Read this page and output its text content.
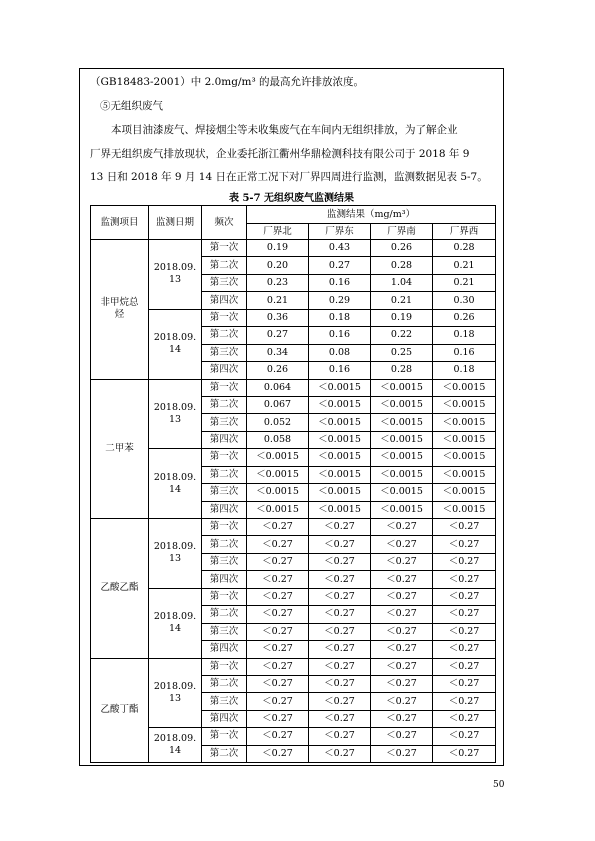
（GB18483-2001）中 2.0mg/m³ 的最高允许排放浓度。
⑤无组织废气
本项目油漆废气、焊接烟尘等未收集废气在车间内无组织排放，为了解企业
厂界无组织废气排放现状，企业委托浙江衢州华鼎检测科技有限公司于 2018 年 9
13 日和 2018 年 9 月 14 日在正常工况下对厂界四周进行监测，监测数据见表 5-7。
表 5-7 无组织废气监测结果
监测项目	监测日期	频次	监测结果（mg/m³）			
			厂界北	厂界东	厂界南	厂界西
非甲烷总烃	2018.09.13	第一次	0.19	0.43	0.26	0.28
		第二次	0.20	0.27	0.28	0.21
		第三次	0.23	0.16	1.04	0.21
		第四次	0.21	0.29	0.21	0.30
	2018.09.14	第一次	0.36	0.18	0.19	0.26
		第二次	0.27	0.16	0.22	0.18
		第三次	0.34	0.08	0.25	0.16
		第四次	0.26	0.16	0.28	0.18
二甲苯	2018.09.13	第一次	0.064	＜0.0015	＜0.0015	＜0.0015
		第二次	0.067	＜0.0015	＜0.0015	＜0.0015
		第三次	0.052	＜0.0015	＜0.0015	＜0.0015
		第四次	0.058	＜0.0015	＜0.0015	＜0.0015
	2018.09.14	第一次	＜0.0015	＜0.0015	＜0.0015	＜0.0015
		第二次	＜0.0015	＜0.0015	＜0.0015	＜0.0015
		第三次	＜0.0015	＜0.0015	＜0.0015	＜0.0015
		第四次	＜0.0015	＜0.0015	＜0.0015	＜0.0015
乙酸乙酯	2018.09.13	第一次	＜0.27	＜0.27	＜0.27	＜0.27
		第二次	＜0.27	＜0.27	＜0.27	＜0.27
		第三次	＜0.27	＜0.27	＜0.27	＜0.27
		第四次	＜0.27	＜0.27	＜0.27	＜0.27
	2018.09.14	第一次	＜0.27	＜0.27	＜0.27	＜0.27
		第二次	＜0.27	＜0.27	＜0.27	＜0.27
		第三次	＜0.27	＜0.27	＜0.27	＜0.27
		第四次	＜0.27	＜0.27	＜0.27	＜0.27
乙酸丁酯	2018.09.13	第一次	＜0.27	＜0.27	＜0.27	＜0.27
		第二次	＜0.27	＜0.27	＜0.27	＜0.27
		第三次	＜0.27	＜0.27	＜0.27	＜0.27
		第四次	＜0.27	＜0.27	＜0.27	＜0.27
	2018.09.14	第一次	＜0.27	＜0.27	＜0.27	＜0.27
		第二次	＜0.27	＜0.27	＜0.27	＜0.27
50
